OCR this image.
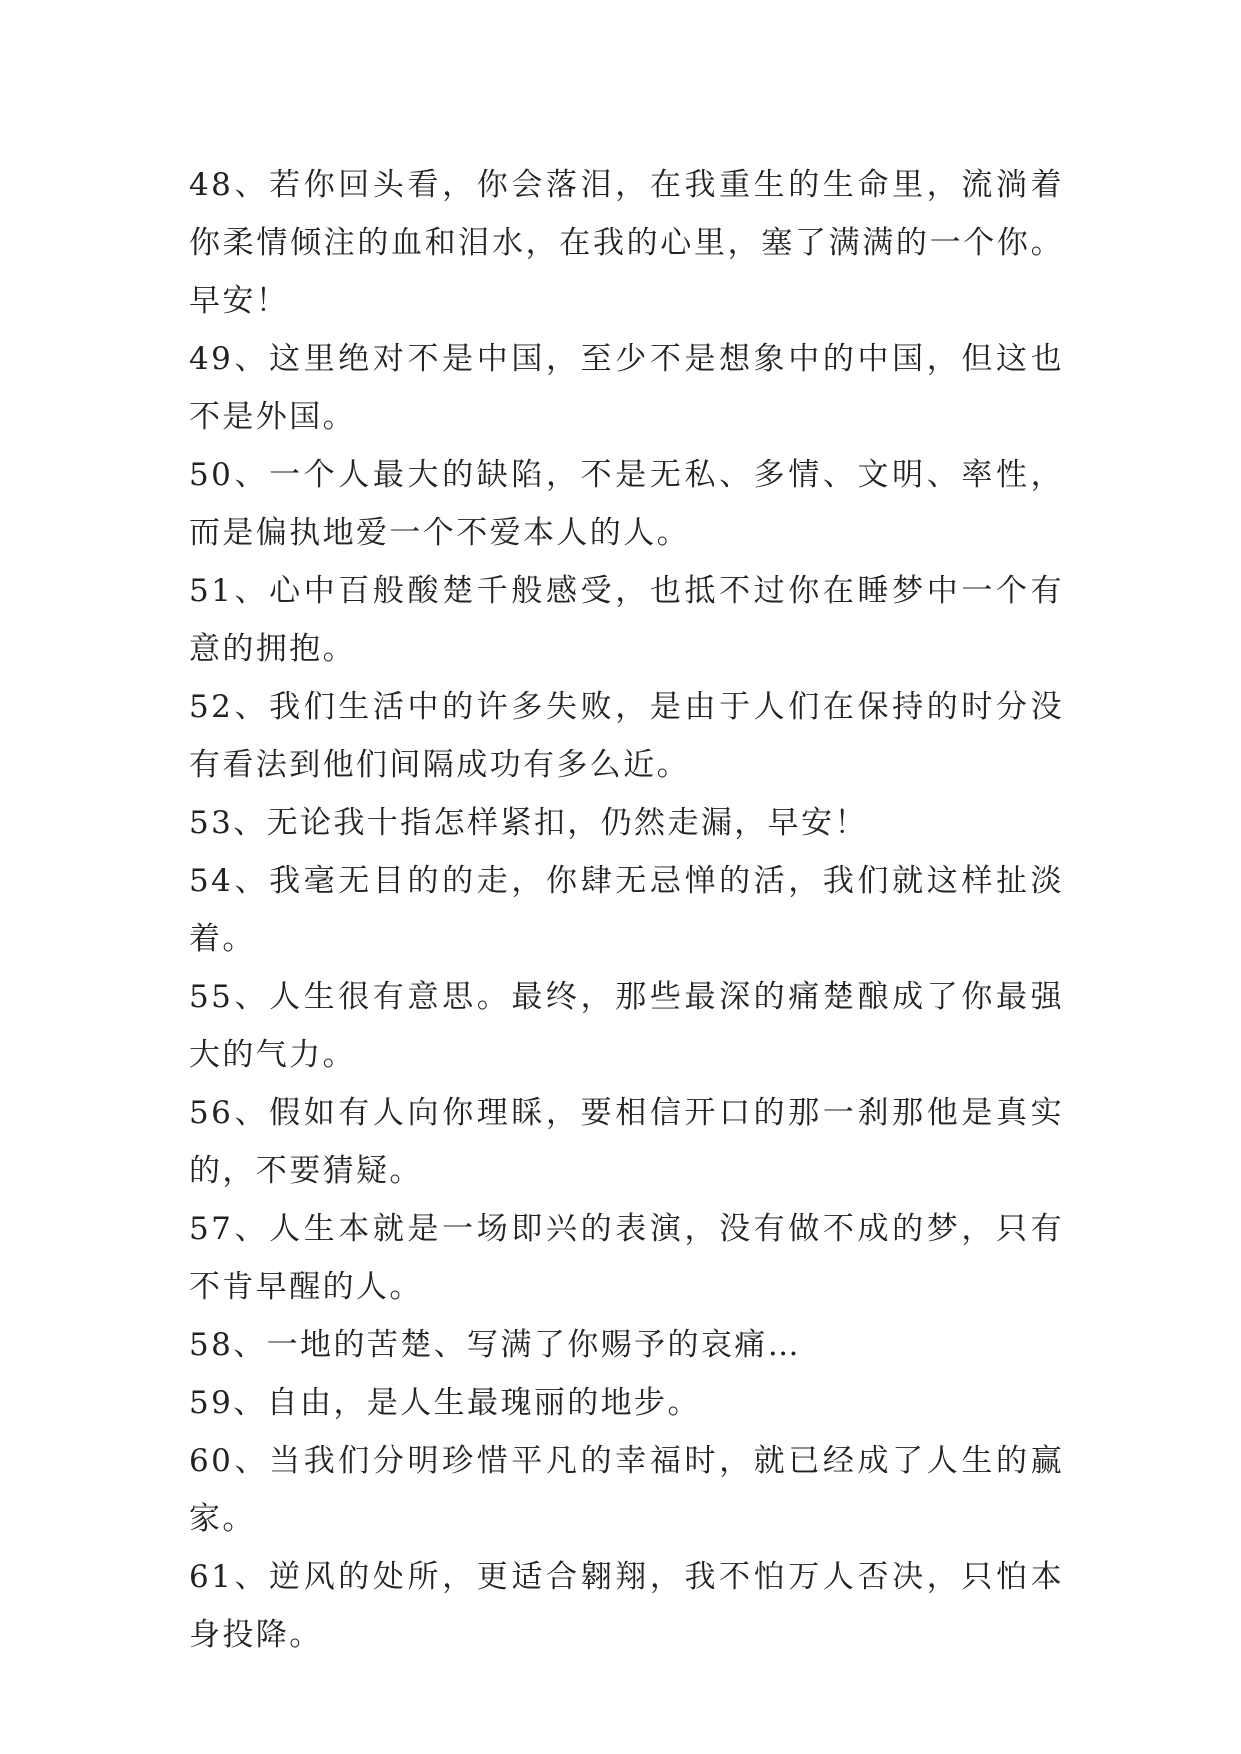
48、若你回头看，你会落泪，在我重生的生命里，流淌着你柔情倾注的血和泪水，在我的心里，塞了满满的一个你。早安！
49、这里绝对不是中国，至少不是想象中的中国，但这也不是外国。
50、一个人最大的缺陷，不是无私、多情、文明、率性，而是偏执地爱一个不爱本人的人。
51、心中百般酸楚千般感受，也抵不过你在睡梦中一个有意的拥抱。
52、我们生活中的许多失败，是由于人们在保持的时分没有看法到他们间隔成功有多么近。
53、无论我十指怎样紧扣，仍然走漏，早安！
54、我毫无目的的走，你肆无忌惮的活，我们就这样扯淡着。
55、人生很有意思。最终，那些最深的痛楚酿成了你最强大的气力。
56、假如有人向你理睬，要相信开口的那一刹那他是真实的，不要猜疑。
57、人生本就是一场即兴的表演，没有做不成的梦，只有不肯早醒的人。
58、一地的苦楚、写满了你赐予的哀痛…
59、自由，是人生最瑰丽的地步。
60、当我们分明珍惜平凡的幸福时，就已经成了人生的赢家。
61、逆风的处所，更适合翱翔，我不怕万人否决，只怕本身投降。
